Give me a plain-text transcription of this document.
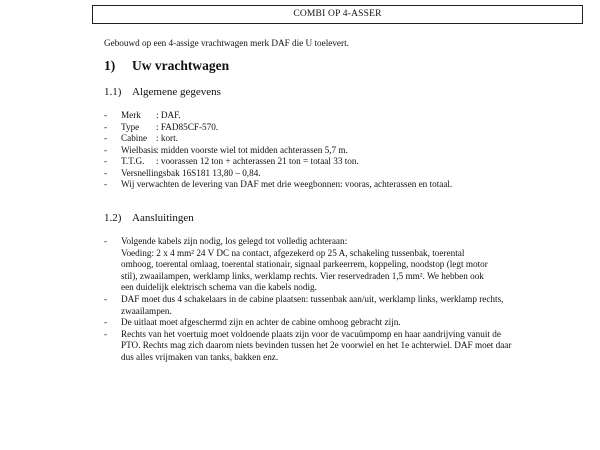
COMBI OP 4-ASSER
Gebouwd op een 4-assige vrachtwagen merk DAF die U toelevert.
1) Uw vrachtwagen
1.1) Algemene gegevens
- Merk : DAF.
- Type : FAD85CF-570.
- Cabine : kort.
- Wielbasis: midden voorste wiel tot midden achterassen 5,7 m.
- T.T.G. : voorassen 12 ton + achterassen 21 ton = totaal 33 ton.
- Versnellingsbak 16S181 13,80 – 0,84.
- Wij verwachten de levering van DAF met drie weegbonnen: vooras, achterassen en totaal.
1.2) Aansluitingen
- Volgende kabels zijn nodig, los gelegd tot volledig achteraan:
Voeding: 2 x 4 mm² 24 V DC na contact, afgezekerd op 25 A, schakeling tussenbak, toerental
omhoog, toerental omlaag, toerental stationair, signaal parkeerrem, koppeling, noodstop (legt motor
stil), zwaailampen, werklamp links, werklamp rechts. Vier reservedraden 1,5 mm². We hebben ook
een duidelijk elektrisch schema van die kabels nodig.
- DAF moet dus 4 schakelaars in de cabine plaatsen: tussenbak aan/uit, werklamp links, werklamp rechts,
zwaailampen.
- De uitlaat moet afgeschermd zijn en achter de cabine omhoog gebracht zijn.
- Rechts van het voertuig moet voldoende plaats zijn voor de vacuümpomp en haar aandrijving vanuit de
PTO. Rechts mag zich daarom niets bevinden tussen het 2e voorwiel en het 1e achterwiel. DAF moet daar
dus alles vrijmaken van tanks, bakken enz.
